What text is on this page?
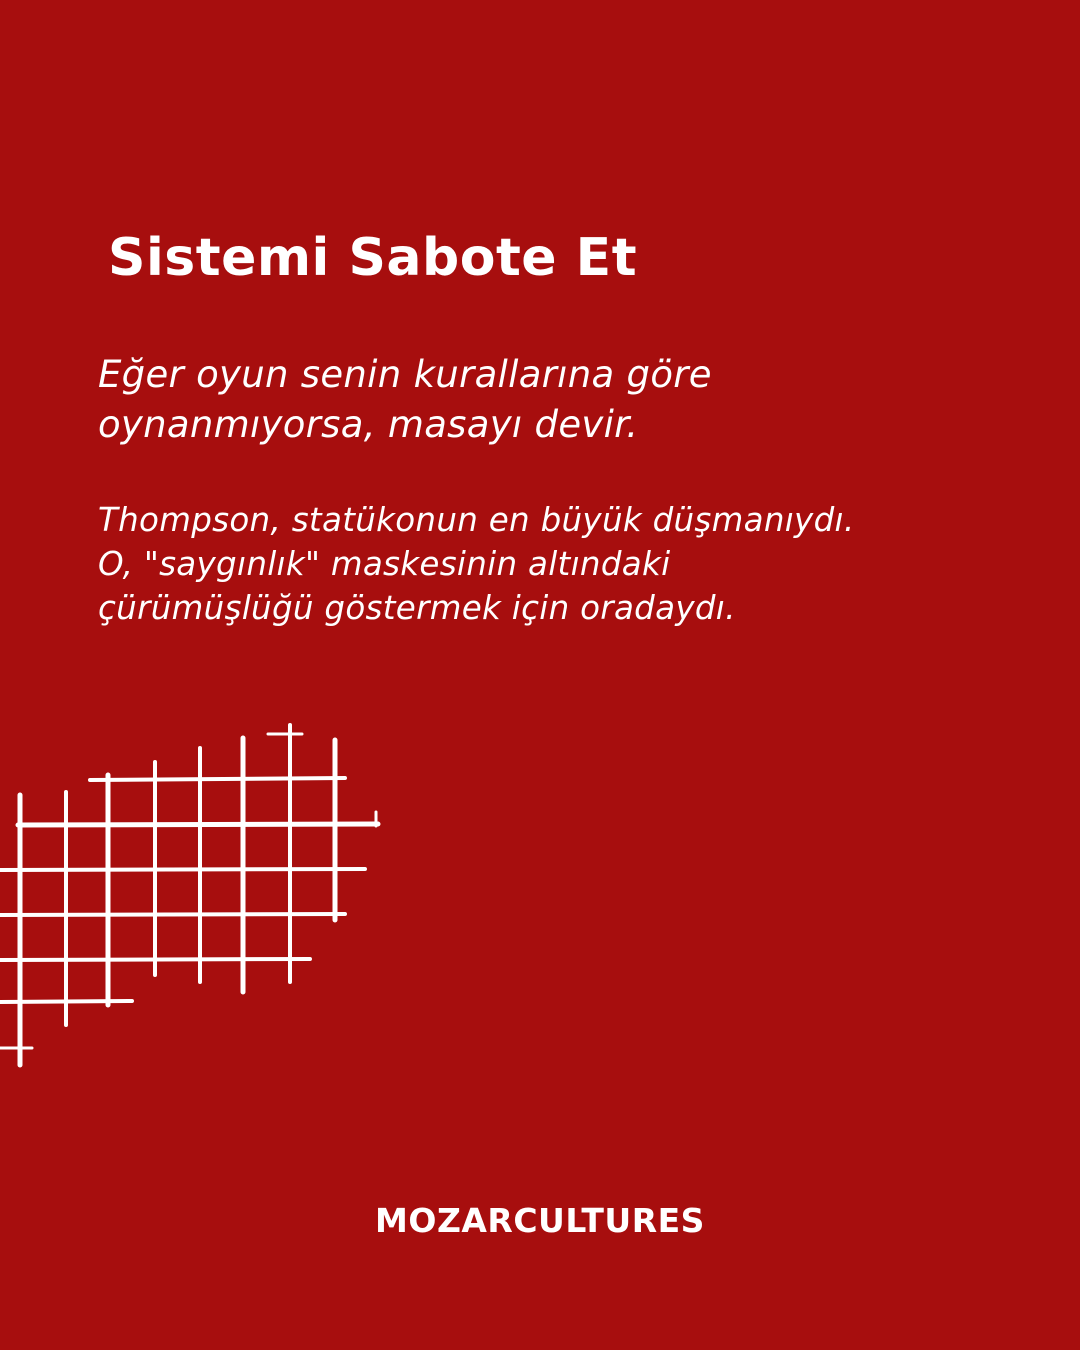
Sistemi Sabote Et

Eğer oyun senin kurallarına göre oynanmıyorsa, masayı devir.

Thompson, statükonun en büyük düşmanıydı. O, "saygınlık" maskesinin altındaki çürümüşlüğü göstermek için oradaydı.

MOZARCULTURES
